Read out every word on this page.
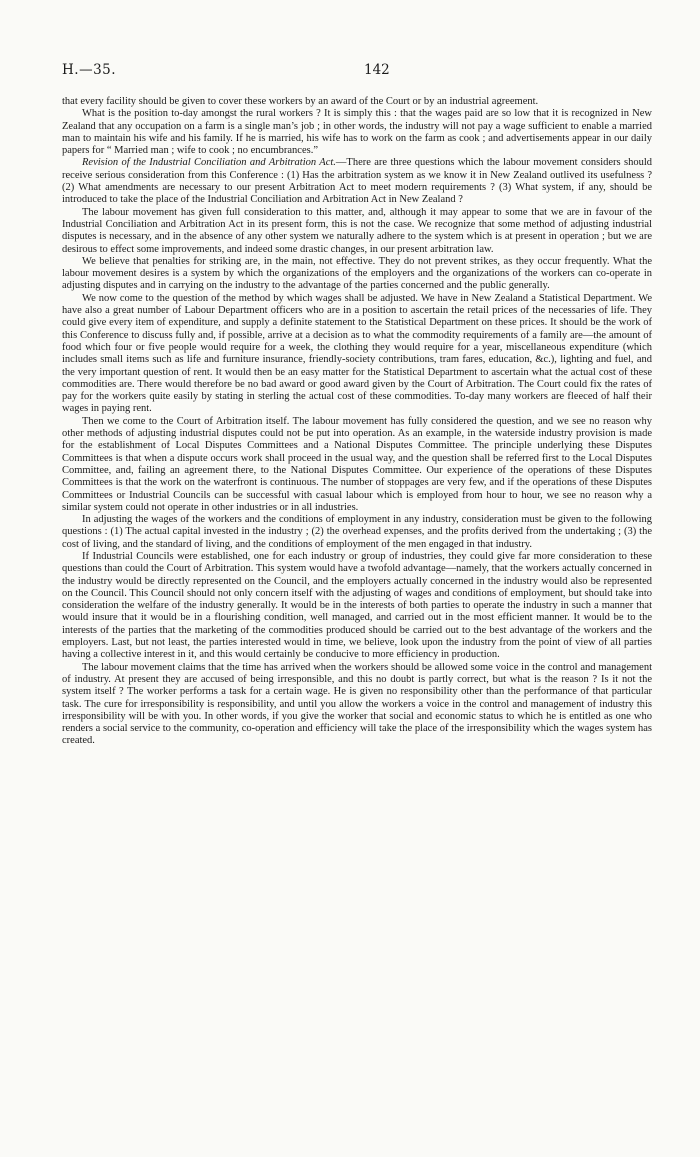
H.—35.	142

that every facility should be given to cover these workers by an award of the Court or by an industrial agreement.

What is the position to-day amongst the rural workers ? It is simply this : that the wages paid are so low that it is recognized in New Zealand that any occupation on a farm is a single man’s job ; in other words, the industry will not pay a wage sufficient to enable a married man to maintain his wife and his family. If he is married, his wife has to work on the farm as cook ; and advertisements appear in our daily papers for “ Married man ; wife to cook ; no encumbrances.”

Revision of the Industrial Conciliation and Arbitration Act.—There are three questions which the labour movement considers should receive serious consideration from this Conference : (1) Has the arbitration system as we know it in New Zealand outlived its usefulness ? (2) What amendments are necessary to our present Arbitration Act to meet modern requirements ? (3) What system, if any, should be introduced to take the place of the Industrial Conciliation and Arbitration Act in New Zealand ?

The labour movement has given full consideration to this matter, and, although it may appear to some that we are in favour of the Industrial Conciliation and Arbitration Act in its present form, this is not the case. We recognize that some method of adjusting industrial disputes is necessary, and in the absence of any other system we naturally adhere to the system which is at present in operation ; but we are desirous to effect some improvements, and indeed some drastic changes, in our present arbitration law.

We believe that penalties for striking are, in the main, not effective. They do not prevent strikes, as they occur frequently. What the labour movement desires is a system by which the organizations of the employers and the organizations of the workers can co-operate in adjusting disputes and in carrying on the industry to the advantage of the parties concerned and the public generally.

We now come to the question of the method by which wages shall be adjusted. We have in New Zealand a Statistical Department. We have also a great number of Labour Department officers who are in a position to ascertain the retail prices of the necessaries of life. They could give every item of expenditure, and supply a definite statement to the Statistical Department on these prices. It should be the work of this Conference to discuss fully and, if possible, arrive at a decision as to what the commodity requirements of a family are—the amount of food which four or five people would require for a week, the clothing they would require for a year, miscellaneous expenditure (which includes small items such as life and furniture insurance, friendly-society contributions, tram fares, education, &c.), lighting and fuel, and the very important question of rent. It would then be an easy matter for the Statistical Department to ascertain what the actual cost of these commodities are. There would therefore be no bad award or good award given by the Court of Arbitration. The Court could fix the rates of pay for the workers quite easily by stating in sterling the actual cost of these commodities. To-day many workers are fleeced of half their wages in paying rent.

Then we come to the Court of Arbitration itself. The labour movement has fully considered the question, and we see no reason why other methods of adjusting industrial disputes could not be put into operation. As an example, in the waterside industry provision is made for the establishment of Local Disputes Committees and a National Disputes Committee. The principle underlying these Disputes Committees is that when a dispute occurs work shall proceed in the usual way, and the question shall be referred first to the Local Disputes Committee, and, failing an agreement there, to the National Disputes Committee. Our experience of the operations of these Disputes Committees is that the work on the waterfront is continuous. The number of stoppages are very few, and if the operations of these Disputes Committees or Industrial Councils can be successful with casual labour which is employed from hour to hour, we see no reason why a similar system could not operate in other industries or in all industries.

In adjusting the wages of the workers and the conditions of employment in any industry, consideration must be given to the following questions : (1) The actual capital invested in the industry ; (2) the overhead expenses, and the profits derived from the undertaking ; (3) the cost of living, and the standard of living, and the conditions of employment of the men engaged in that industry.

If Industrial Councils were established, one for each industry or group of industries, they could give far more consideration to these questions than could the Court of Arbitration. This system would have a twofold advantage—namely, that the workers actually concerned in the industry would be directly represented on the Council, and the employers actually concerned in the industry would also be represented on the Council. This Council should not only concern itself with the adjusting of wages and conditions of employment, but should take into consideration the welfare of the industry generally. It would be in the interests of both parties to operate the industry in such a manner that would insure that it would be in a flourishing condition, well managed, and carried out in the most efficient manner. It would be to the interests of the parties that the marketing of the commodities produced should be carried out to the best advantage of the workers and the employers. Last, but not least, the parties interested would in time, we believe, look upon the industry from the point of view of all parties having a collective interest in it, and this would certainly be conducive to more efficiency in production.

The labour movement claims that the time has arrived when the workers should be allowed some voice in the control and management of industry. At present they are accused of being irresponsible, and this no doubt is partly correct, but what is the reason ? Is it not the system itself ? The worker performs a task for a certain wage. He is given no responsibility other than the performance of that particular task. The cure for irresponsibility is responsibility, and until you allow the workers a voice in the control and management of industry this irresponsibility will be with you. In other words, if you give the worker that social and economic status to which he is entitled as one who renders a social service to the community, co-operation and efficiency will take the place of the irresponsibility which the wages system has created.
